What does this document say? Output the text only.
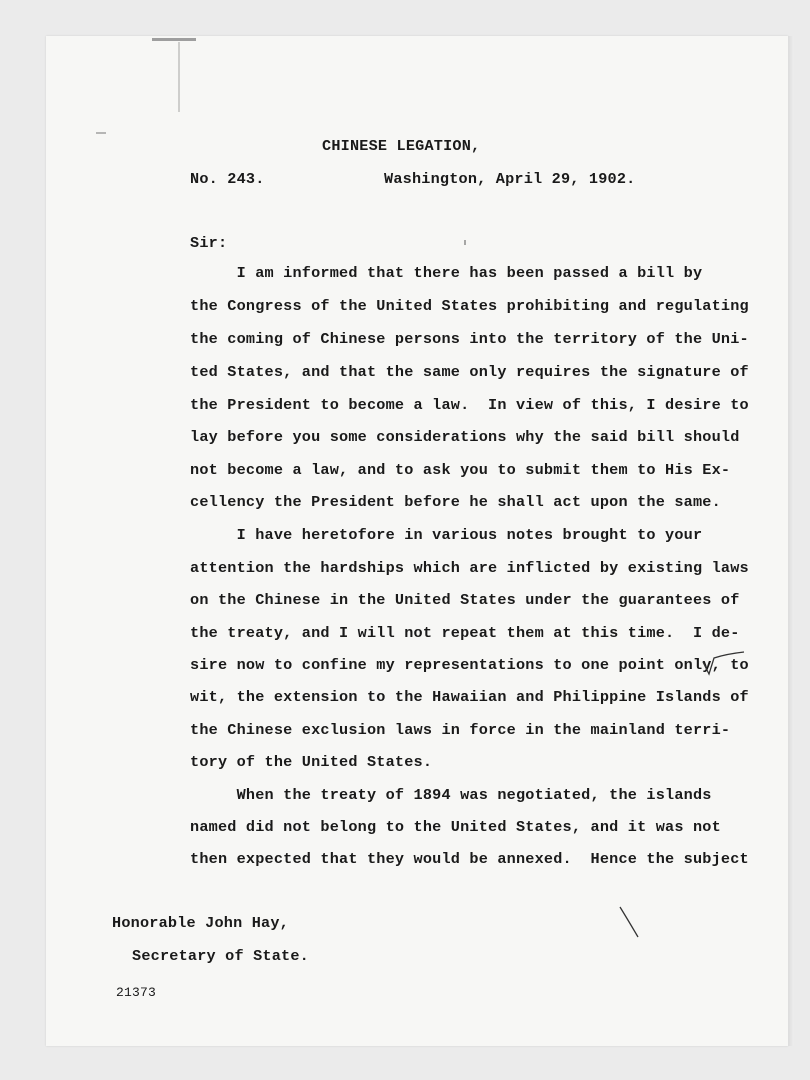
CHINESE LEGATION,

No. 243.	Washington, April 29, 1902.

Sir:

I am informed that there has been passed a bill by

the Congress of the United States prohibiting and regulating

the coming of Chinese persons into the territory of the Uni-

ted States, and that the same only requires the signature of

the President to become a law.  In view of this, I desire to

lay before you some considerations why the said bill should

not become a law, and to ask you to submit them to His Ex-

cellency the President before he shall act upon the same.

I have heretofore in various notes brought to your

attention the hardships which are inflicted by existing laws

on the Chinese in the United States under the guarantees of

the treaty, and I will not repeat them at this time.  I de-

sire now to confine my representations to one point only, to

wit, the extension to the Hawaiian and Philippine Islands of

the Chinese exclusion laws in force in the mainland terri-

tory of the United States.

When the treaty of 1894 was negotiated, the islands

named did not belong to the United States, and it was not

then expected that they would be annexed.  Hence the subject

Honorable John Hay,

Secretary of State.

21373
